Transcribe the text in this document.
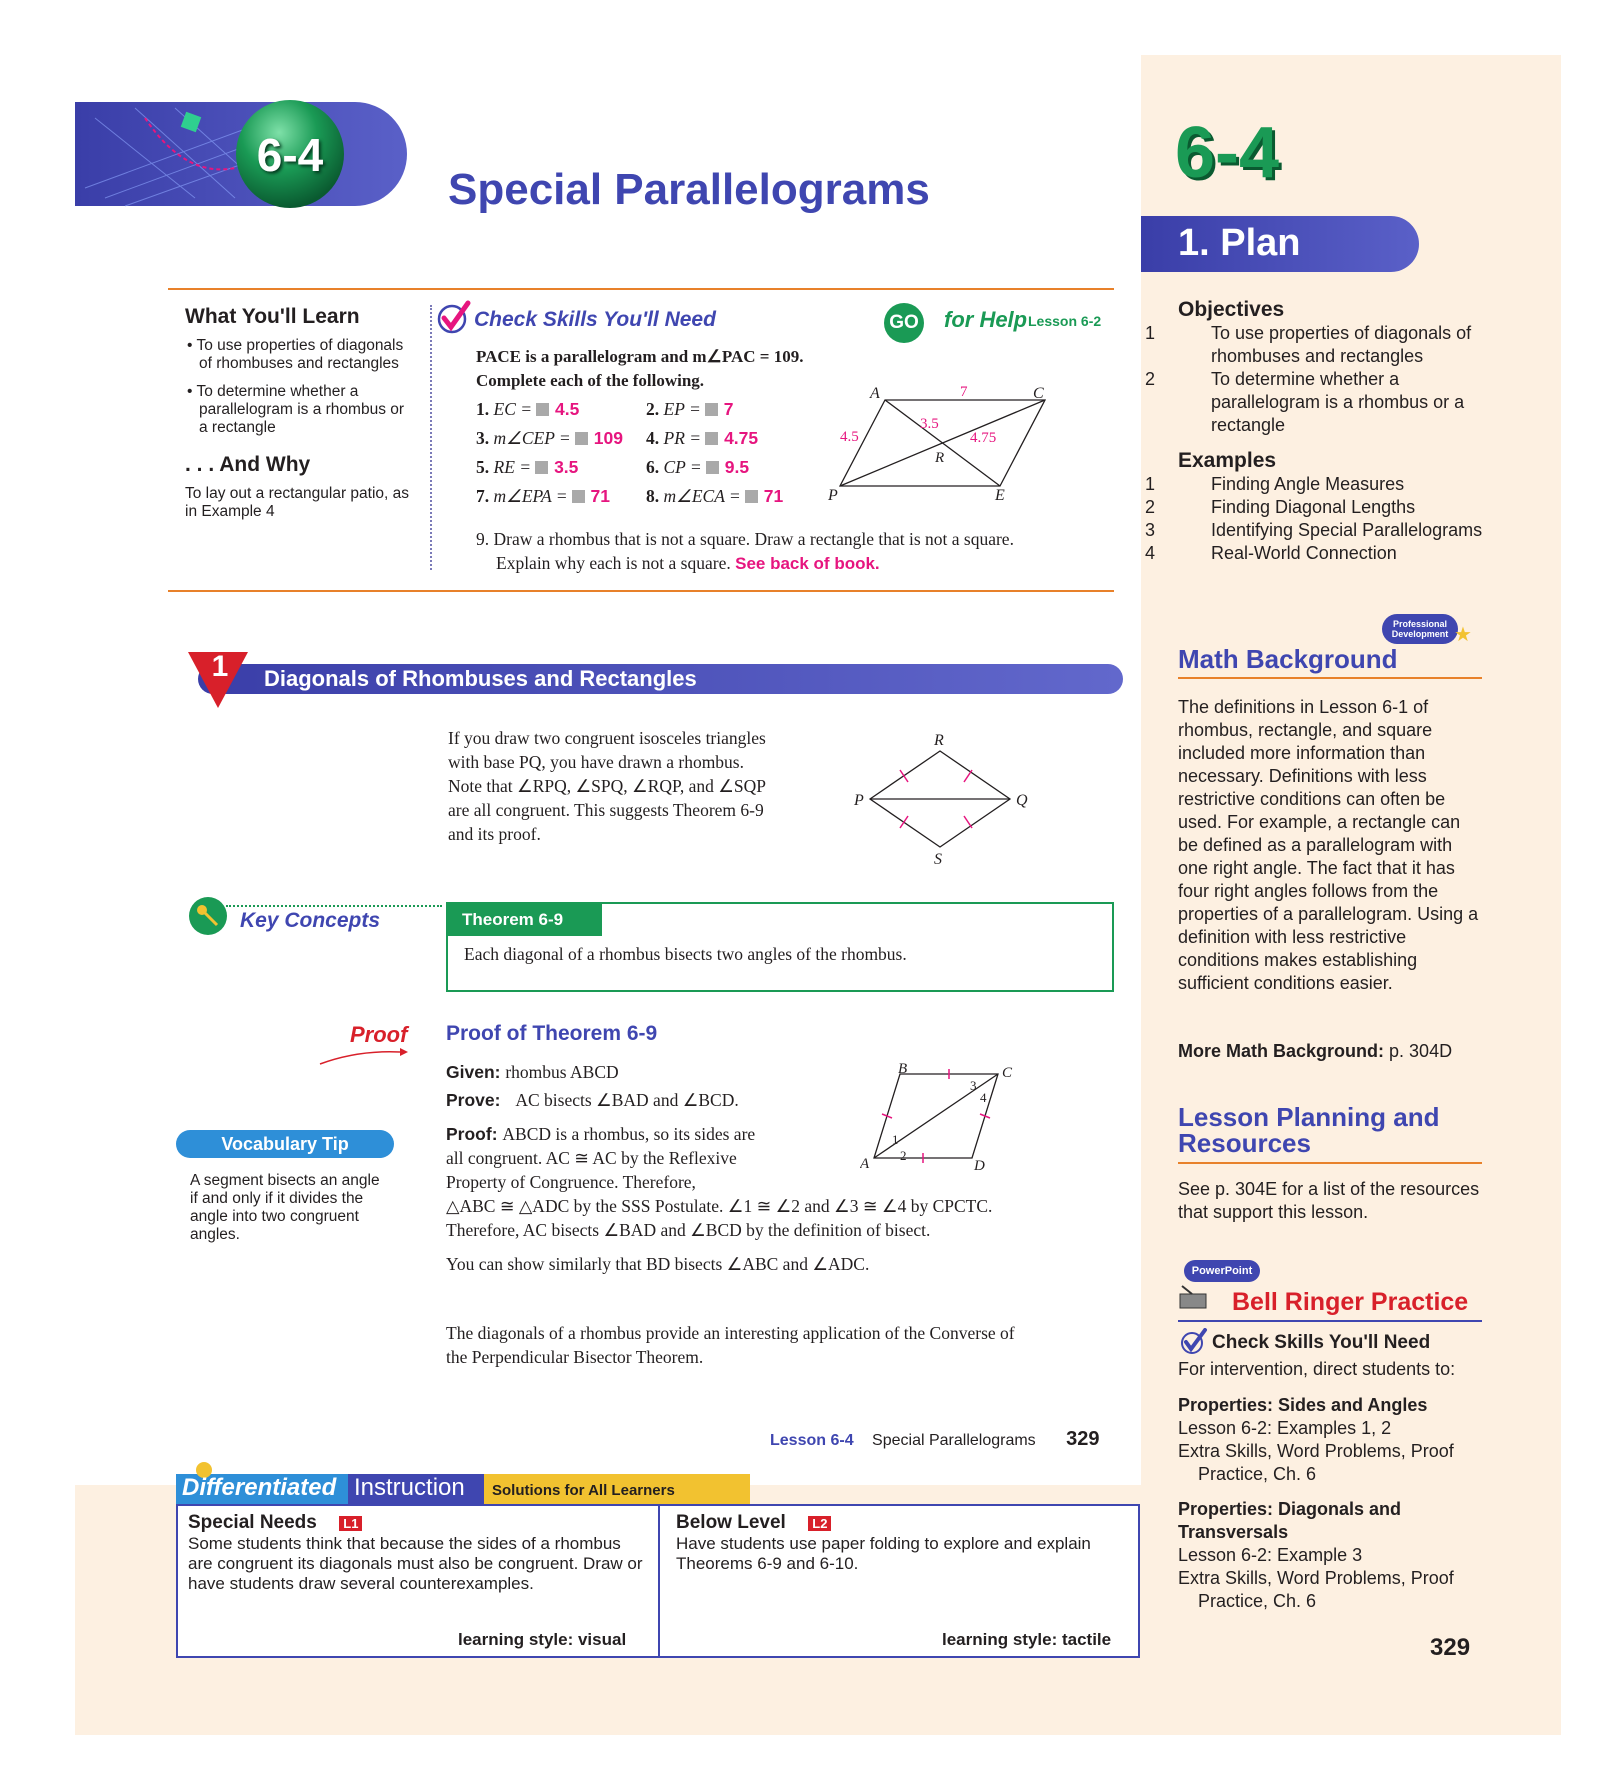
6-4
Special Parallelograms
What You'll Learn
• To use properties of diagonals of rhombuses and rectangles
• To determine whether a parallelogram is a rhombus or a rectangle
. . . And Why
To lay out a rectangular patio, as in Example 4
Check Skills You'll Need	GO for Help Lesson 6-2
PACE is a parallelogram and m∠PAC = 109.
Complete each of the following.
1. EC = 4.5	2. EP = 7
3. m∠CEP = 109	4. PR = 4.75
5. RE = 3.5	6. CP = 9.5
7. m∠EPA = 71	8. m∠ECA = 71
A	C
P	E
R
7
3.5
4.5	4.75
9. Draw a rhombus that is not a square. Draw a rectangle that is not a square.
Explain why each is not a square. See back of book.
1	Diagonals of Rhombuses and Rectangles
If you draw two congruent isosceles triangles
with base PQ, you have drawn a rhombus.
Note that ∠RPQ, ∠SPQ, ∠RQP, and ∠SQP
are all congruent. This suggests Theorem 6-9
and its proof.
R
P	Q
S
Key Concepts	Theorem 6-9
Each diagonal of a rhombus bisects two angles of the rhombus.
Proof Proof of Theorem 6-9
Given: rhombus ABCD
Prove: AC bisects ∠BAD and ∠BCD.
Proof: ABCD is a rhombus, so its sides are
all congruent. AC ≅ AC by the Reflexive
Property of Congruence. Therefore,
△ABC ≅ △ADC by the SSS Postulate. ∠1 ≅ ∠2 and ∠3 ≅ ∠4 by CPCTC.
Therefore, AC bisects ∠BAD and ∠BCD by the definition of bisect.
You can show similarly that BD bisects ∠ABC and ∠ADC.
B	C
A	D
1
2
3
4
Vocabulary Tip
A segment bisects an angle if and only if it divides the angle into two congruent angles.
The diagonals of a rhombus provide an interesting application of the Converse of
the Perpendicular Bisector Theorem.
Lesson 6-4 Special Parallelograms 329
Differentiated Instruction Solutions for All Learners
Special Needs L1
Some students think that because the sides of a rhombus are congruent its diagonals must also be congruent. Draw or have students draw several counterexamples.
learning style: visual
Below Level L2
Have students use paper folding to explore and explain Theorems 6-9 and 6-10.
learning style: tactile
6-4
1. Plan
Objectives
1	To use properties of diagonals of rhombuses and rectangles
2	To determine whether a parallelogram is a rhombus or a rectangle
Examples
1	Finding Angle Measures
2	Finding Diagonal Lengths
3	Identifying Special Parallelograms
4	Real-World Connection
Professional
Development ★
Math Background
The definitions in Lesson 6-1 of rhombus, rectangle, and square included more information than necessary. Definitions with less restrictive conditions can often be used. For example, a rectangle can be defined as a parallelogram with one right angle. The fact that it has four right angles follows from the properties of a parallelogram. Using a definition with less restrictive conditions makes establishing sufficient conditions easier.
More Math Background: p. 304D
Lesson Planning and Resources
See p. 304E for a list of the resources that support this lesson.
PowerPoint
Bell Ringer Practice
Check Skills You'll Need
For intervention, direct students to:
Properties: Sides and Angles
Lesson 6-2: Examples 1, 2
Extra Skills, Word Problems, Proof Practice, Ch. 6
Properties: Diagonals and Transversals
Lesson 6-2: Example 3
Extra Skills, Word Problems, Proof Practice, Ch. 6
329
